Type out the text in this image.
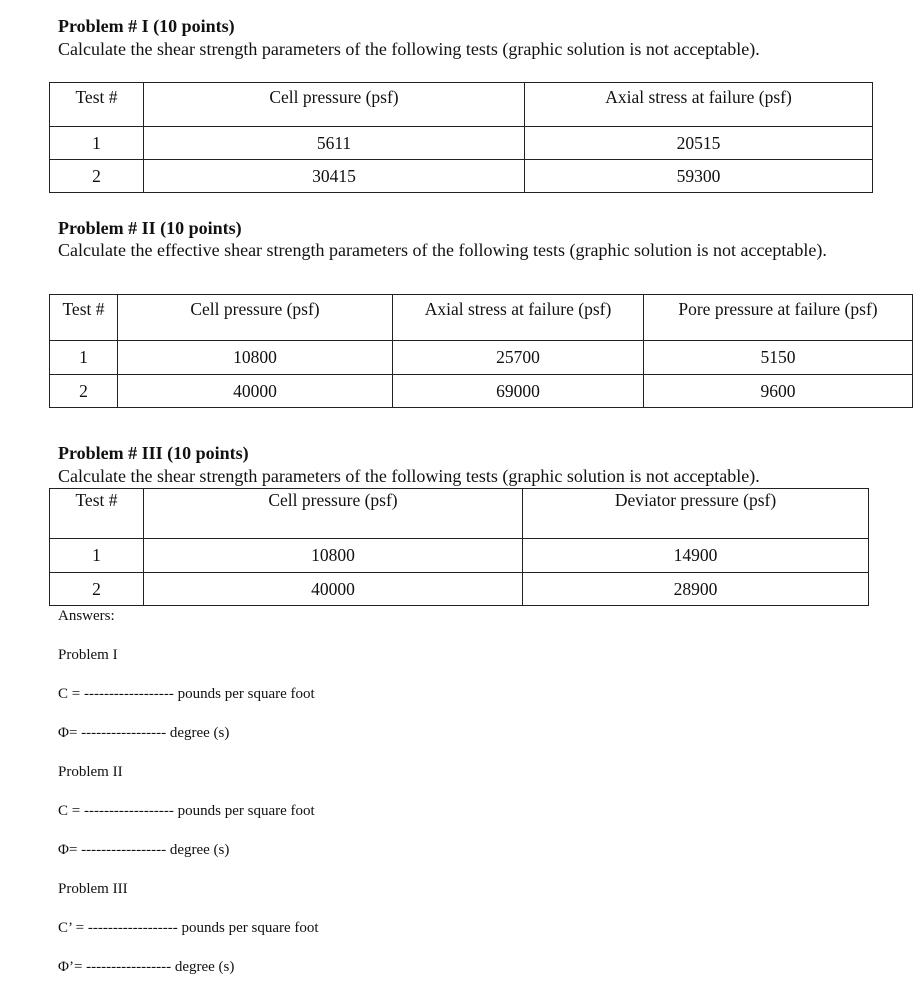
Problem # I (10 points)
Calculate the shear strength parameters of the following tests (graphic solution is not acceptable).
Test #	Cell pressure (psf)	Axial stress at failure (psf)
1	5611	20515
2	30415	59300
Problem # II (10 points)
Calculate the effective shear strength parameters of the following tests (graphic solution is not acceptable).
Test #	Cell pressure (psf)	Axial stress at failure (psf)	Pore pressure at failure (psf)
1	10800	25700	5150
2	40000	69000	9600
Problem # III (10 points)
Calculate the shear strength parameters of the following tests (graphic solution is not acceptable).
Test #	Cell pressure (psf)	Deviator pressure (psf)
1	10800	14900
2	40000	28900
Answers:
Problem I
C = ------------------ pounds per square foot
Φ= ----------------- degree (s)
Problem II
C = ------------------ pounds per square foot
Φ= ----------------- degree (s)
Problem III
C’ = ------------------ pounds per square foot
Φ’= ----------------- degree (s)
